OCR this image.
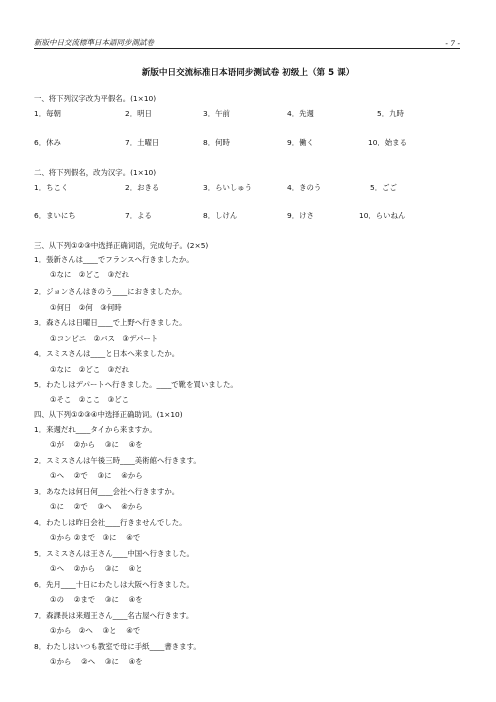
新版中日交流標準日本語同步測試卷	- 7 -
新版中日交流标准日本语同步测试卷 初级上（第 5 课）
一、将下列汉字改为平假名。(1×10)
1．毎朝	2．明日	3．午前	4．先週	5．九時
6．休み	7．土曜日	8．何時	9．働く	10．始まる
二、将下列假名，改为汉字。(1×10)
1．ちこく	2．おきる	3．らいしゅう	4．きのう	5．ごご
6．まいにち	7．よる	8．しけん	9．けさ	10．らいねん
三、从下列①②③中选择正确词语，完成句子。(2×5)
1．張新さんは____でフランスへ行きましたか。
①なに　②どこ　③だれ
2．ジョンさんはきのう____におきましたか。
①何日　②何　③何時
3．森さんは日曜日____で上野へ行きました。
①コンビニ　②バス　③デパート
4．スミスさんは____と日本へ来ましたか。
①なに　②どこ　③だれ
5．わたしはデパートへ行きました。____で靴を買いました。
①そこ　②ここ　③どこ
四、从下列①②③④中选择正确助词。(1×10)
1．来週だれ____タイから来ますか。
①が　 ②から　 ③に　 ④を
2．スミスさんは午後三時____美術館へ行きます。
①へ　 ②で　 ③に　 ④から
3．あなたは何日何____会社へ行きますか。
①に　 ②で　 ③へ　 ④から
4．わたしは昨日会社____行きませんでした。
①から ②まで　③に　 ④で
5．スミスさんは王さん____中国へ行きました。
①へ　 ②から　 ③に　 ④と
6．先月____十日にわたしは大阪へ行きました。
①の　 ②まで　 ③に　 ④を
7．森課長は来週王さん____名古屋へ行きます。
①から　②へ　 ③と　 ④で
8．わたしはいつも教室で母に手紙____書きます。
①から　 ②へ　 ③に　 ④を
